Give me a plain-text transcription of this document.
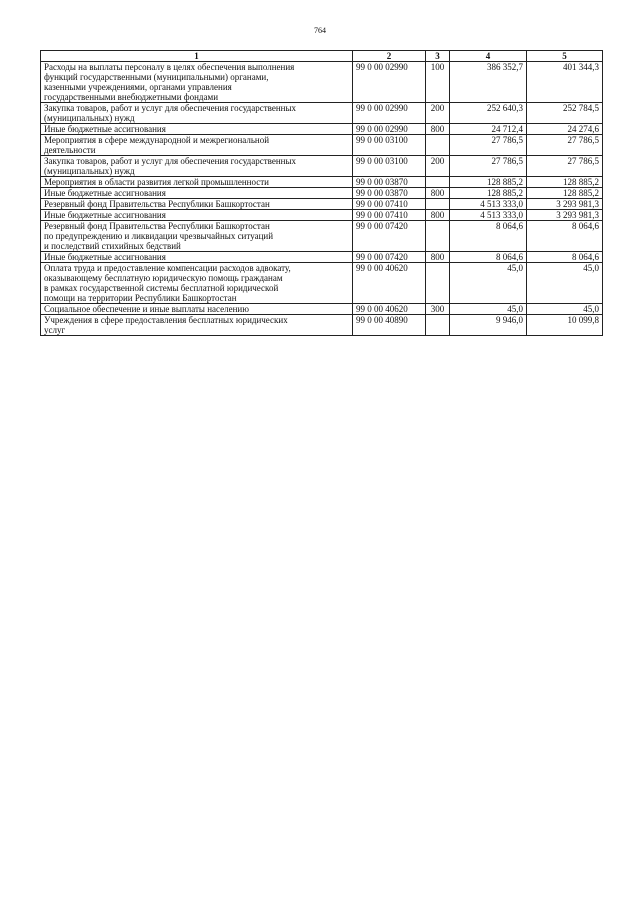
764
1	2	3	4	5
Расходы на выплаты персоналу в целях обеспечения выполнения
функций государственными (муниципальными) органами,
казенными учреждениями, органами управления
государственными внебюджетными фондами	99 0 00 02990	100	386 352,7	401 344,3
Закупка товаров, работ и услуг для обеспечения государственных
(муниципальных) нужд	99 0 00 02990	200	252 640,3	252 784,5
Иные бюджетные ассигнования	99 0 00 02990	800	24 712,4	24 274,6
Мероприятия в сфере международной и межрегиональной
деятельности	99 0 00 03100		27 786,5	27 786,5
Закупка товаров, работ и услуг для обеспечения государственных
(муниципальных) нужд	99 0 00 03100	200	27 786,5	27 786,5
Мероприятия в области развития легкой промышленности	99 0 00 03870		128 885,2	128 885,2
Иные бюджетные ассигнования	99 0 00 03870	800	128 885,2	128 885,2
Резервный фонд Правительства Республики Башкортостан	99 0 00 07410		4 513 333,0	3 293 981,3
Иные бюджетные ассигнования	99 0 00 07410	800	4 513 333,0	3 293 981,3
Резервный фонд Правительства Республики Башкортостан
по предупреждению и ликвидации чрезвычайных ситуаций
и последствий стихийных бедствий	99 0 00 07420		8 064,6	8 064,6
Иные бюджетные ассигнования	99 0 00 07420	800	8 064,6	8 064,6
Оплата труда и предоставление компенсации расходов адвокату,
оказывающему бесплатную юридическую помощь гражданам
в рамках государственной системы бесплатной юридической
помощи на территории Республики Башкортостан	99 0 00 40620		45,0	45,0
Социальное обеспечение и иные выплаты населению	99 0 00 40620	300	45,0	45,0
Учреждения в сфере предоставления бесплатных юридических
услуг	99 0 00 40890		9 946,0	10 099,8
